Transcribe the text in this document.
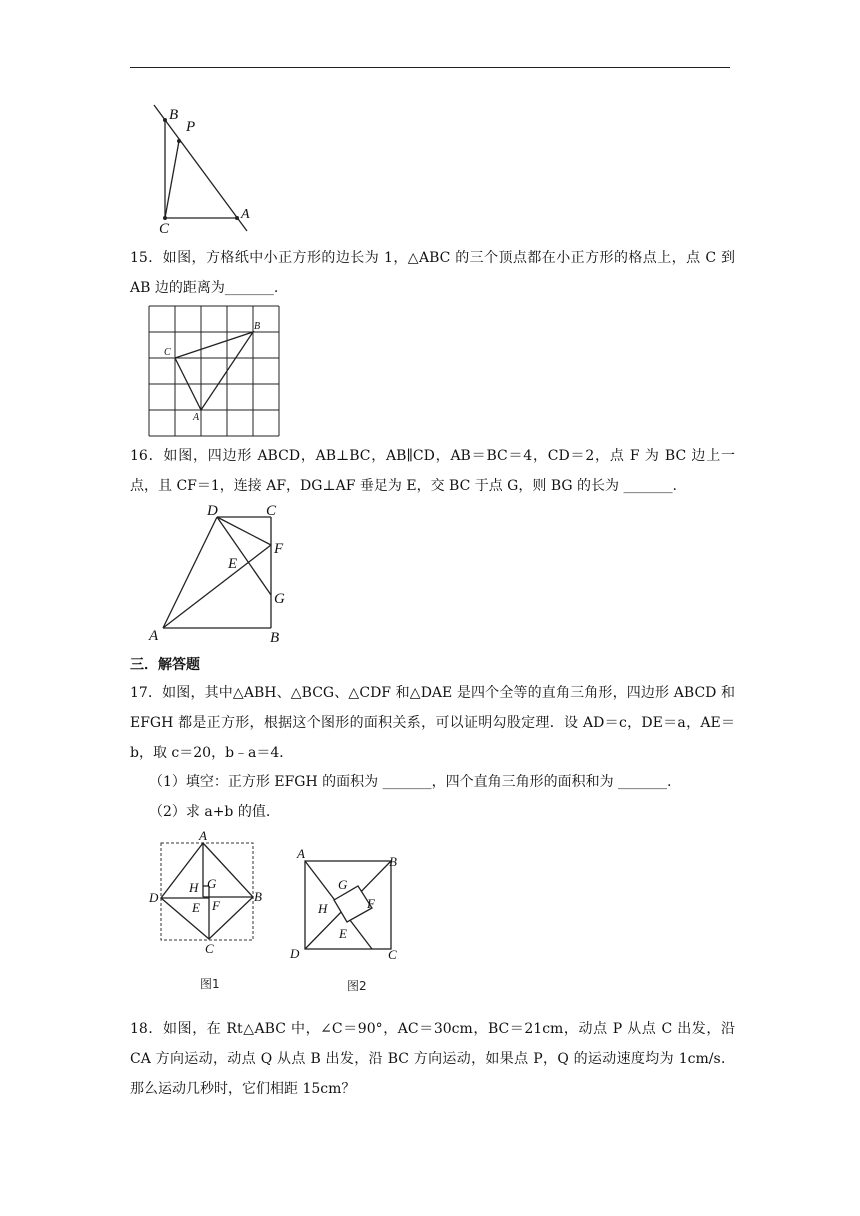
B
P
C
A

15．如图，方格纸中小正方形的边长为 1，△ABC 的三个顶点都在小正方形的格点上，点 C 到 AB 边的距离为_______.

C
B
A

16．如图，四边形 ABCD，AB⊥BC，AB∥CD，AB＝BC＝4，CD＝2，点 F 为 BC 边上一点，且 CF＝1，连接 AF，DG⊥AF 垂足为 E，交 BC 于点 G，则 BG 的长为 _______.

D	C
F
E
G
A	B
三．解答题

17．如图，其中△ABH、△BCG、△CDF 和△DAE 是四个全等的直角三角形，四边形 ABCD 和 EFGH 都是正方形，根据这个图形的面积关系，可以证明勾股定理．设 AD＝c，DE＝a，AE＝b，取 c＝20，b﹣a＝4．

（1）填空：正方形 EFGH 的面积为 _______，四个直角三角形的面积和为 _______.

（2）求 a+b 的值.

A
B
C
D
H G
E F
图1
A
B
C
D
G
H	F
E
图2

18．如图，在 Rt△ABC 中，∠C＝90°，AC＝30cm，BC＝21cm，动点 P 从点 C 出发，沿 CA 方向运动，动点 Q 从点 B 出发，沿 BC 方向运动，如果点 P，Q 的运动速度均为 1cm/s．那么运动几秒时，它们相距 15cm？
